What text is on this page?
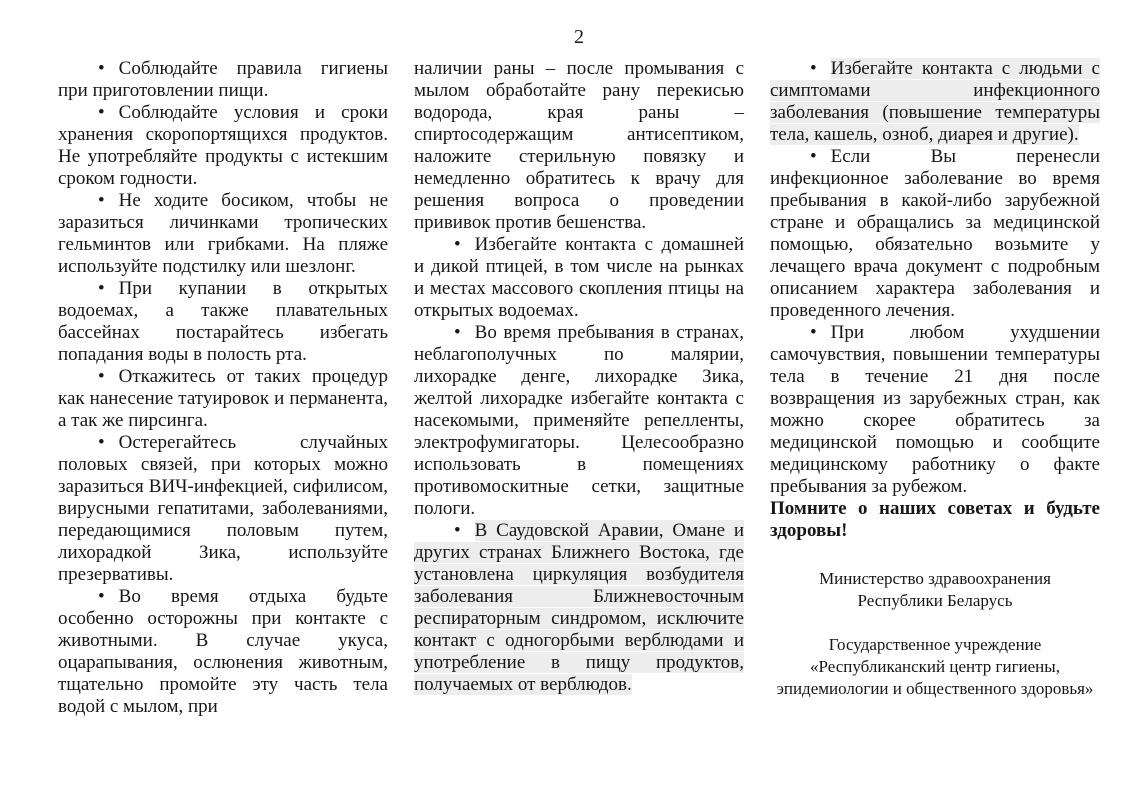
2

• Соблюдайте правила гигиены при приготовлении пищи.

• Соблюдайте условия и сроки хранения скоропортящихся продуктов. Не употребляйте продукты с истекшим сроком годности.

• Не ходите босиком, чтобы не заразиться личинками тропических гельминтов или грибками. На пляже используйте подстилку или шезлонг.

• При купании в открытых водоемах, а также плавательных бассейнах постарайтесь избегать попадания воды в полость рта.

• Откажитесь от таких процедур как нанесение татуировок и перманента, а так же пирсинга.

• Остерегайтесь случайных половых связей, при которых можно заразиться ВИЧ-инфекцией, сифилисом, вирусными гепатитами, заболеваниями, передающимися половым путем, лихорадкой Зика, используйте презервативы.

• Во время отдыха будьте особенно осторожны при контакте с животными. В случае укуса, оцарапывания, ослюнения животным, тщательно промойте эту часть тела водой с мылом, при

наличии раны – после промывания с мылом обработайте рану перекисью водорода, края раны – спиртосодержащим антисептиком, наложите стерильную повязку и немедленно обратитесь к врачу для решения вопроса о проведении прививок против бешенства.

• Избегайте контакта с домашней и дикой птицей, в том числе на рынках и местах массового скопления птицы на открытых водоемах.

• Во время пребывания в странах, неблагополучных по малярии, лихорадке денге, лихорадке Зика, желтой лихорадке избегайте контакта с насекомыми, применяйте репелленты, электрофумигаторы. Целесообразно использовать в помещениях противомоскитные сетки, защитные пологи.

• В Саудовской Аравии, Омане и других странах Ближнего Востока, где установлена циркуляция возбудителя заболевания Ближневосточным респираторным синдромом, исключите контакт с одногорбыми верблюдами и употребление в пищу продуктов, получаемых от верблюдов.

• Избегайте контакта с людьми с симптомами инфекционного заболевания (повышение температуры тела, кашель, озноб, диарея и другие).

• Если Вы перенесли инфекционное заболевание во время пребывания в какой-либо зарубежной стране и обращались за медицинской помощью, обязательно возьмите у лечащего врача документ с подробным описанием характера заболевания и проведенного лечения.

• При любом ухудшении самочувствия, повышении температуры тела в течение 21 дня после возвращения из зарубежных стран, как можно скорее обратитесь за медицинской помощью и сообщите медицинскому работнику о факте пребывания за рубежом.

Помните о наших советах и будьте здоровы!

Министерство здравоохранения

Республики Беларусь

Государственное учреждение

«Республиканский центр гигиены,

эпидемиологии и общественного здоровья»
